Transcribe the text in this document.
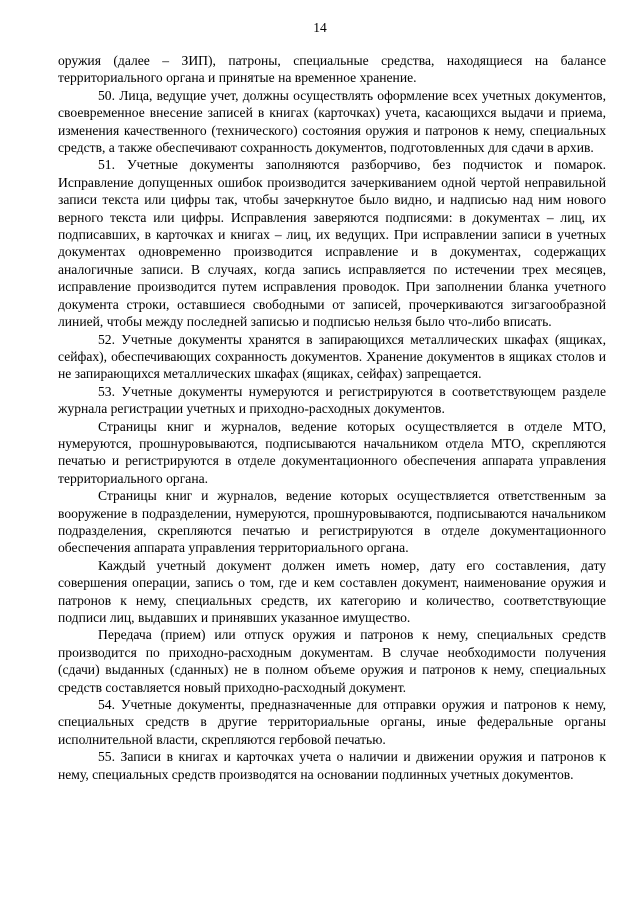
14

оружия (далее – ЗИП), патроны, специальные средства, находящиеся на балансе территориального органа и принятые на временное хранение.

50. Лица, ведущие учет, должны осуществлять оформление всех учетных документов, своевременное внесение записей в книгах (карточках) учета, касающихся выдачи и приема, изменения качественного (технического) состояния оружия и патронов к нему, специальных средств, а также обеспечивают сохранность документов, подготовленных для сдачи в архив.

51. Учетные документы заполняются разборчиво, без подчисток и помарок. Исправление допущенных ошибок производится зачеркиванием одной чертой неправильной записи текста или цифры так, чтобы зачеркнутое было видно, и надписью над ним нового верного текста или цифры. Исправления заверяются подписями: в документах – лиц, их подписавших, в карточках и книгах – лиц, их ведущих. При исправлении записи в учетных документах одновременно производится исправление и в документах, содержащих аналогичные записи. В случаях, когда запись исправляется по истечении трех месяцев, исправление производится путем исправления проводок. При заполнении бланка учетного документа строки, оставшиеся свободными от записей, прочеркиваются зигзагообразной линией, чтобы между последней записью и подписью нельзя было что-либо вписать.

52. Учетные документы хранятся в запирающихся металлических шкафах (ящиках, сейфах), обеспечивающих сохранность документов. Хранение документов в ящиках столов и не запирающихся металлических шкафах (ящиках, сейфах) запрещается.

53. Учетные документы нумеруются и регистрируются в соответствующем разделе журнала регистрации учетных и приходно-расходных документов.

Страницы книг и журналов, ведение которых осуществляется в отделе МТО, нумеруются, прошнуровываются, подписываются начальником отдела МТО, скрепляются печатью и регистрируются в отделе документационного обеспечения аппарата управления территориального органа.

Страницы книг и журналов, ведение которых осуществляется ответственным за вооружение в подразделении, нумеруются, прошнуровываются, подписываются начальником подразделения, скрепляются печатью и регистрируются в отделе документационного обеспечения аппарата управления территориального органа.

Каждый учетный документ должен иметь номер, дату его составления, дату совершения операции, запись о том, где и кем составлен документ, наименование оружия и патронов к нему, специальных средств, их категорию и количество, соответствующие подписи лиц, выдавших и принявших указанное имущество.

Передача (прием) или отпуск оружия и патронов к нему, специальных средств производится по приходно-расходным документам. В случае необходимости получения (сдачи) выданных (сданных) не в полном объеме оружия и патронов к нему, специальных средств составляется новый приходно-расходный документ.

54. Учетные документы, предназначенные для отправки оружия и патронов к нему, специальных средств в другие территориальные органы, иные федеральные органы исполнительной власти, скрепляются гербовой печатью.

55. Записи в книгах и карточках учета о наличии и движении оружия и патронов к нему, специальных средств производятся на основании подлинных учетных документов.
